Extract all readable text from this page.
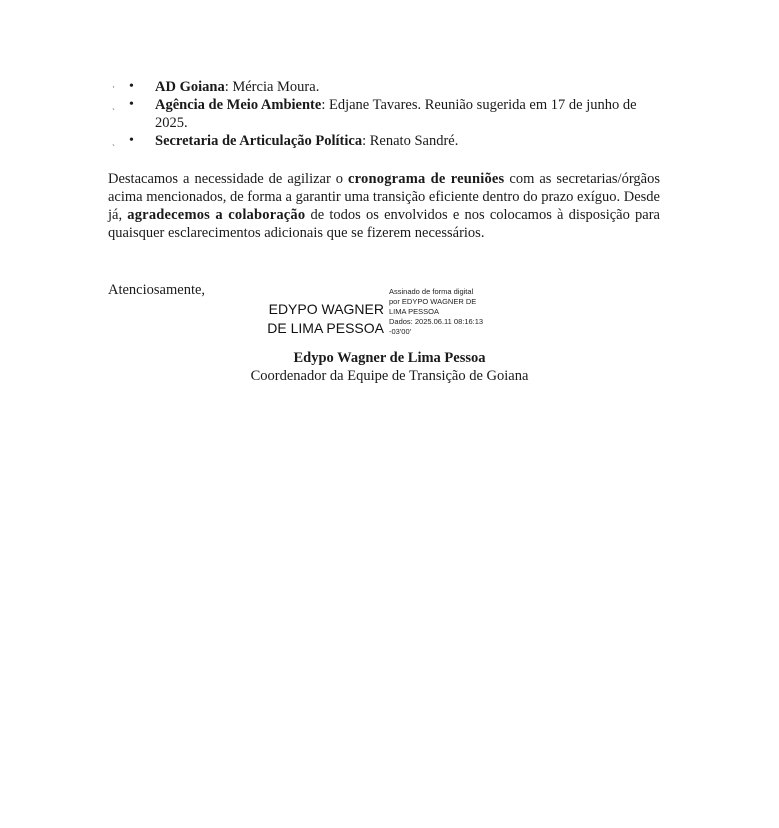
· • AD Goiana: Mércia Moura.
ˎ • Agência de Meio Ambiente: Edjane Tavares. Reunião sugerida em 17 de junho de 2025.
ˎ • Secretaria de Articulação Política: Renato Sandré.
Destacamos a necessidade de agilizar o cronograma de reuniões com as secretarias/órgãos acima mencionados, de forma a garantir uma transição eficiente dentro do prazo exíguo. Desde já, agradecemos a colaboração de todos os envolvidos e nos colocamos à disposição para quaisquer esclarecimentos adicionais que se fizerem necessários.
Atenciosamente,
EDYPO WAGNER
DE LIMA PESSOA
Assinado de forma digital
por EDYPO WAGNER DE
LIMA PESSOA
Dados: 2025.06.11 08:16:13
-03'00'
Edypo Wagner de Lima Pessoa
Coordenador da Equipe de Transição de Goiana
